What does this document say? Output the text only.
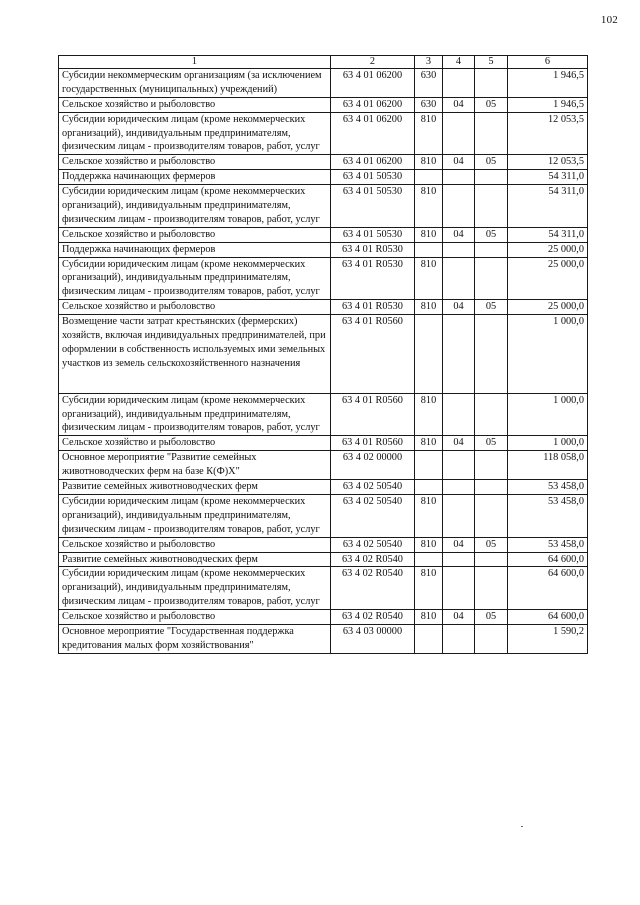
102
1	2	3	4	5	6
Субсидии некоммерческим организациям (за исключением государственных (муниципальных) учреждений)	63 4 01 06200	630			1 946,5
Сельское хозяйство и рыболовство	63 4 01 06200	630	04	05	1 946,5
Субсидии юридическим лицам (кроме некоммерческих организаций), индивидуальным предпринимателям, физическим лицам - производителям товаров, работ, услуг	63 4 01 06200	810			12 053,5
Сельское хозяйство и рыболовство	63 4 01 06200	810	04	05	12 053,5
Поддержка начинающих фермеров	63 4 01 50530				54 311,0
Субсидии юридическим лицам (кроме некоммерческих организаций), индивидуальным предпринимателям, физическим лицам - производителям товаров, работ, услуг	63 4 01 50530	810			54 311,0
Сельское хозяйство и рыболовство	63 4 01 50530	810	04	05	54 311,0
Поддержка начинающих фермеров	63 4 01 R0530				25 000,0
Субсидии юридическим лицам (кроме некоммерческих организаций), индивидуальным предпринимателям, физическим лицам - производителям товаров, работ, услуг	63 4 01 R0530	810			25 000,0
Сельское хозяйство и рыболовство	63 4 01 R0530	810	04	05	25 000,0
Возмещение части затрат крестьянских (фермерских) хозяйств, включая индивидуальных предпринимателей, при оформлении в собственность используемых ими земельных участков из земель сельскохозяйственного назначения	63 4 01 R0560				1 000,0
Субсидии юридическим лицам (кроме некоммерческих организаций), индивидуальным предпринимателям, физическим лицам - производителям товаров, работ, услуг	63 4 01 R0560	810			1 000,0
Сельское хозяйство и рыболовство	63 4 01 R0560	810	04	05	1 000,0
Основное мероприятие "Развитие семейных животноводческих ферм на базе К(Ф)Х"	63 4 02 00000				118 058,0
Развитие семейных животноводческих ферм	63 4 02 50540				53 458,0
Субсидии юридическим лицам (кроме некоммерческих организаций), индивидуальным предпринимателям, физическим лицам - производителям товаров, работ, услуг	63 4 02 50540	810			53 458,0
Сельское хозяйство и рыболовство	63 4 02 50540	810	04	05	53 458,0
Развитие семейных животноводческих ферм	63 4 02 R0540				64 600,0
Субсидии юридическим лицам (кроме некоммерческих организаций), индивидуальным предпринимателям, физическим лицам - производителям товаров, работ, услуг	63 4 02 R0540	810			64 600,0
Сельское хозяйство и рыболовство	63 4 02 R0540	810	04	05	64 600,0
Основное мероприятие "Государственная поддержка кредитования малых форм хозяйствования"	63 4 03 00000				1 590,2
